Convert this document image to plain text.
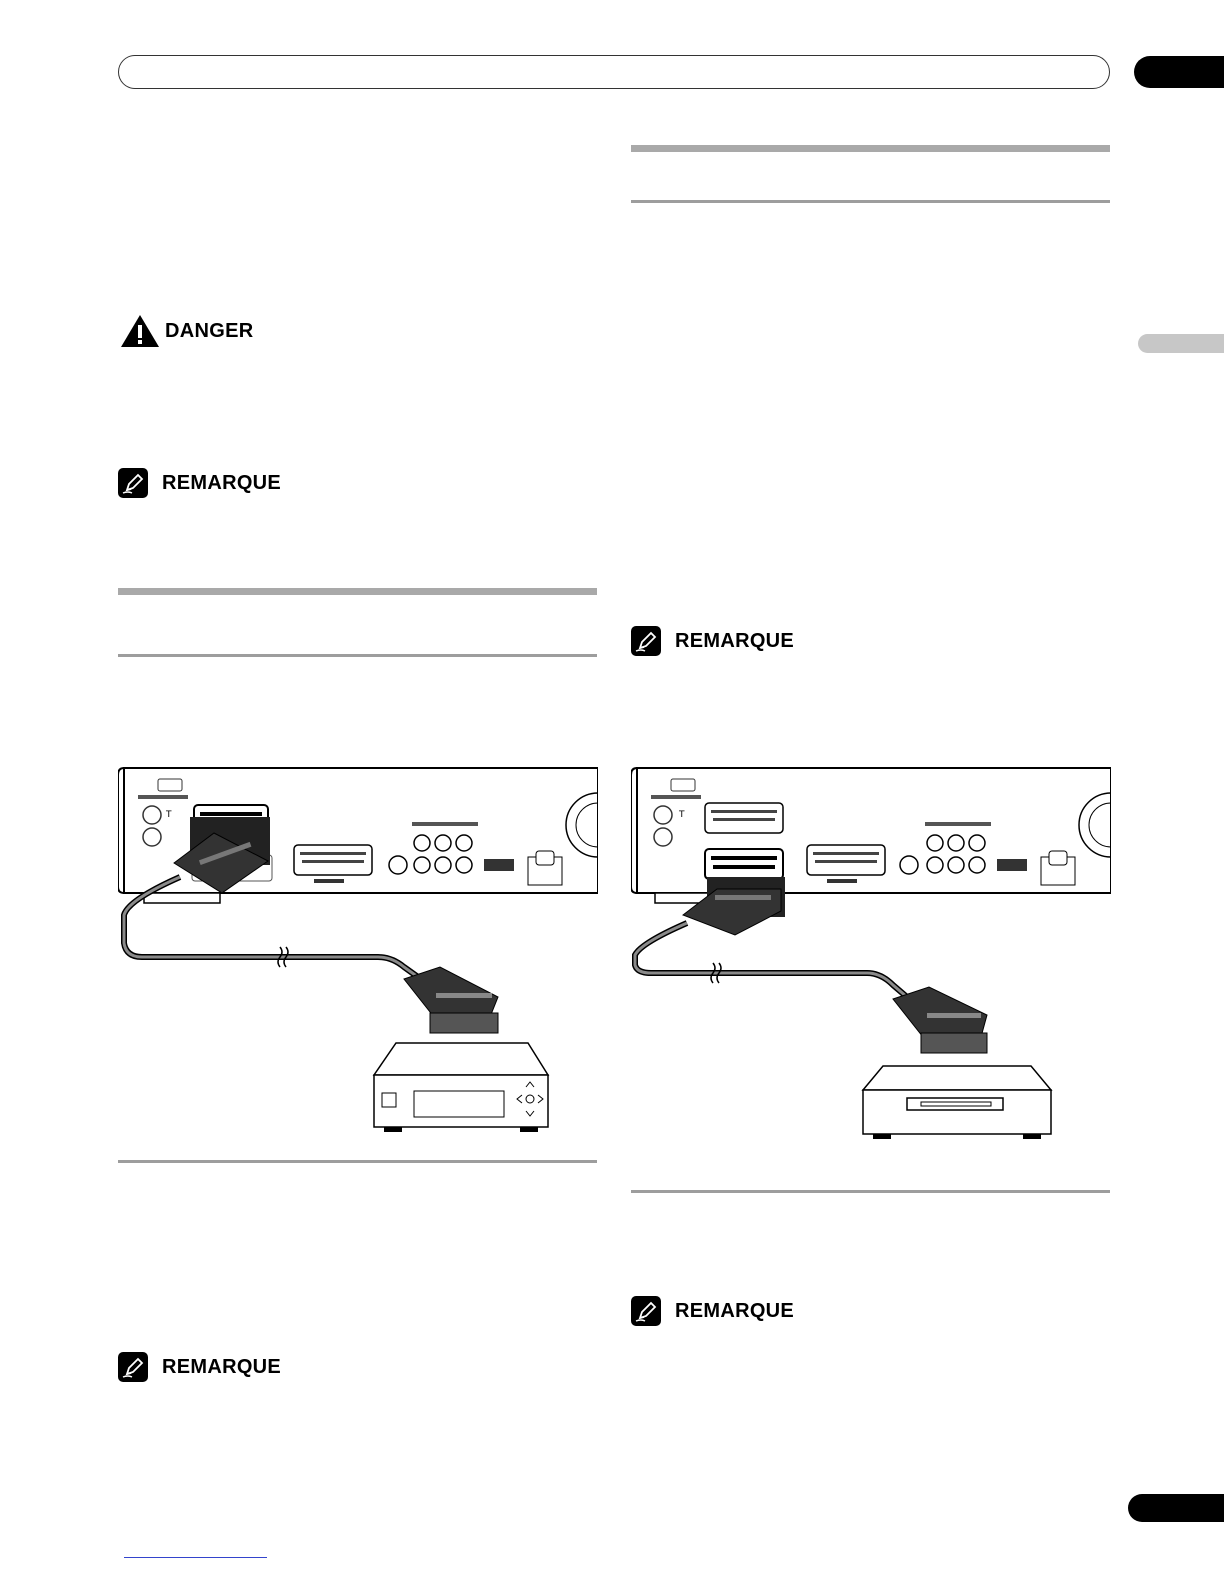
DANGER
REMARQUE
T
REMARQUE
REMARQUE
T
REMARQUE
